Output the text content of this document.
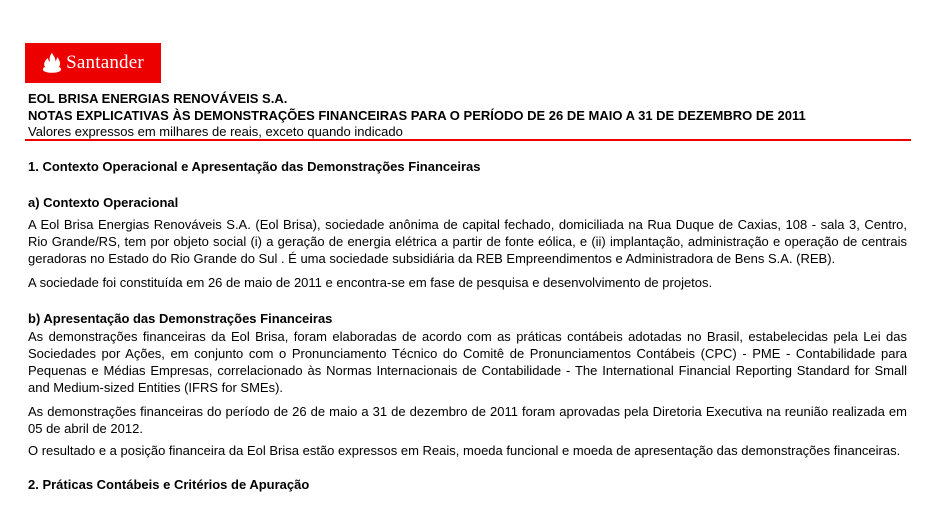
Santander
EOL BRISA ENERGIAS RENOVÁVEIS S.A.
NOTAS EXPLICATIVAS ÀS DEMONSTRAÇÕES FINANCEIRAS PARA O PERÍODO DE 26 DE MAIO A 31 DE DEZEMBRO DE 2011
Valores expressos em milhares de reais, exceto quando indicado

1. Contexto Operacional e Apresentação das Demonstrações Financeiras

a) Contexto Operacional

A Eol Brisa Energias Renováveis S.A. (Eol Brisa), sociedade anônima de capital fechado, domiciliada na Rua Duque de Caxias, 108 - sala 3, Centro, Rio Grande/RS, tem por objeto social (i) a geração de energia elétrica a partir de fonte eólica, e (ii) implantação, administração e operação de centrais geradoras no Estado do Rio Grande do Sul . É uma sociedade subsidiária da REB Empreendimentos e Administradora de Bens S.A. (REB).

A sociedade foi constituída em 26 de maio de 2011 e encontra-se em fase de pesquisa e desenvolvimento de projetos.

b) Apresentação das Demonstrações Financeiras

As demonstrações financeiras da Eol Brisa, foram elaboradas de acordo com as práticas contábeis adotadas no Brasil, estabelecidas pela Lei das Sociedades por Ações, em conjunto com o Pronunciamento Técnico do Comitê de Pronunciamentos Contábeis (CPC) - PME - Contabilidade para Pequenas e Médias Empresas, correlacionado às Normas Internacionais de Contabilidade - The International Financial Reporting Standard for Small and Medium-sized Entities (IFRS for SMEs).

As demonstrações financeiras do período de 26 de maio a 31 de dezembro de 2011 foram aprovadas pela Diretoria Executiva na reunião realizada em 05 de abril de 2012.

O resultado e a posição financeira da Eol Brisa estão expressos em Reais, moeda funcional e moeda de apresentação das demonstrações financeiras.

2. Práticas Contábeis e Critérios de Apuração
